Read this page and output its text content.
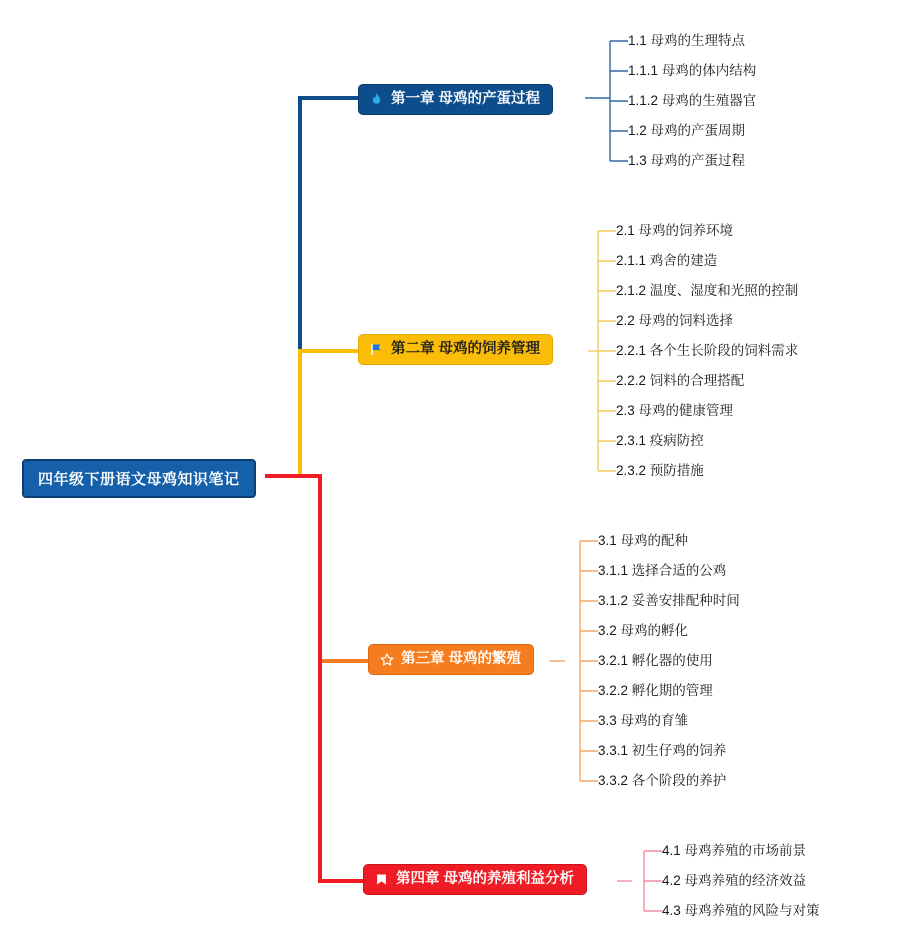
四年级下册语文母鸡知识笔记
第一章 母鸡的产蛋过程
1.1 母鸡的生理特点
1.1.1 母鸡的体内结构
1.1.2 母鸡的生殖器官
1.2 母鸡的产蛋周期
1.3 母鸡的产蛋过程
第二章 母鸡的饲养管理
2.1 母鸡的饲养环境
2.1.1 鸡舍的建造
2.1.2 温度、湿度和光照的控制
2.2 母鸡的饲料选择
2.2.1 各个生长阶段的饲料需求
2.2.2 饲料的合理搭配
2.3 母鸡的健康管理
2.3.1 疫病防控
2.3.2 预防措施
第三章 母鸡的繁殖
3.1 母鸡的配种
3.1.1 选择合适的公鸡
3.1.2 妥善安排配种时间
3.2 母鸡的孵化
3.2.1 孵化器的使用
3.2.2 孵化期的管理
3.3 母鸡的育雏
3.3.1 初生仔鸡的饲养
3.3.2 各个阶段的养护
第四章 母鸡的养殖利益分析
4.1 母鸡养殖的市场前景
4.2 母鸡养殖的经济效益
4.3 母鸡养殖的风险与对策
